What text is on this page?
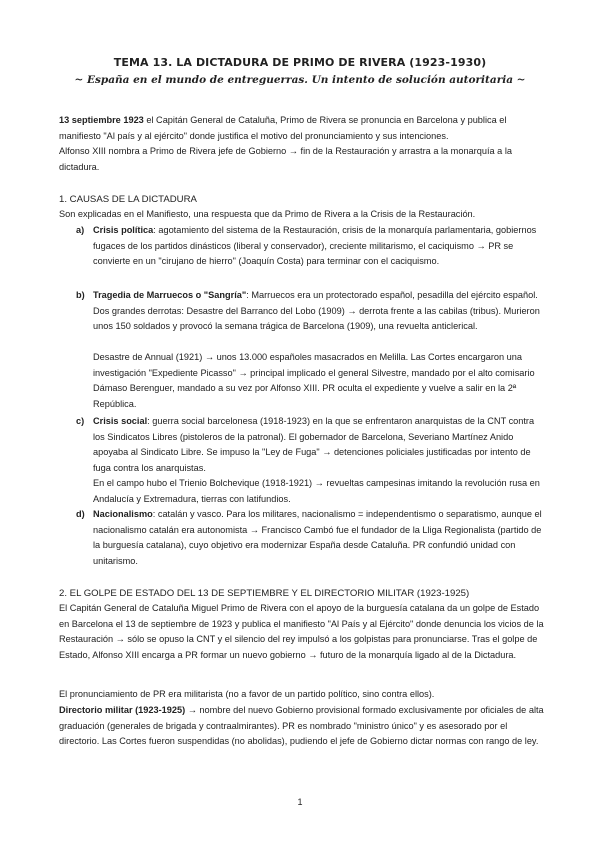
TEMA 13. LA DICTADURA DE PRIMO DE RIVERA (1923-1930)
~ España en el mundo de entreguerras. Un intento de solución autoritaria ~

13 septiembre 1923 el Capitán General de Cataluña, Primo de Rivera se pronuncia en Barcelona y publica el manifiesto "Al país y al ejército" donde justifica el motivo del pronunciamiento y sus intenciones.

Alfonso XIII nombra a Primo de Rivera jefe de Gobierno → fin de la Restauración y arrastra a la monarquía a la dictadura.

1. CAUSAS DE LA DICTADURA

Son explicadas en el Manifiesto, una respuesta que da Primo de Rivera a la Crisis de la Restauración.

a) Crisis política: agotamiento del sistema de la Restauración, crisis de la monarquía parlamentaria, gobiernos fugaces de los partidos dinásticos (liberal y conservador), creciente militarismo, el caciquismo → PR se convierte en un "cirujano de hierro" (Joaquín Costa) para terminar con el caciquismo.

b) Tragedia de Marruecos o "Sangría": Marruecos era un protectorado español, pesadilla del ejército español. Dos grandes derrotas: Desastre del Barranco del Lobo (1909) → derrota frente a las cabilas (tribus). Murieron unos 150 soldados y provocó la semana trágica de Barcelona (1909), una revuelta anticlerical.

Desastre de Annual (1921) → unos 13.000 españoles masacrados en Melilla. Las Cortes encargaron una investigación "Expediente Picasso" → principal implicado el general Silvestre, mandado por el alto comisario Dámaso Berenguer, mandado a su vez por Alfonso XIII. PR oculta el expediente y vuelve a salir en la 2ª República.

c) Crisis social: guerra social barcelonesa (1918-1923) en la que se enfrentaron anarquistas de la CNT contra los Sindicatos Libres (pistoleros de la patronal). El gobernador de Barcelona, Severiano Martínez Anido apoyaba al Sindicato Libre. Se impuso la "Ley de Fuga" → detenciones policiales justificadas por intento de fuga contra los anarquistas.

En el campo hubo el Trienio Bolchevique (1918-1921) → revueltas campesinas imitando la revolución rusa en Andalucía y Extremadura, tierras con latifundios.

d) Nacionalismo: catalán y vasco. Para los militares, nacionalismo = independentismo o separatismo, aunque el nacionalismo catalán era autonomista → Francisco Cambó fue el fundador de la Lliga Regionalista (partido de la burguesía catalana), cuyo objetivo era modernizar España desde Cataluña. PR confundió unidad con unitarismo.

2. EL GOLPE DE ESTADO DEL 13 DE SEPTIEMBRE Y EL DIRECTORIO MILITAR (1923-1925)

El Capitán General de Cataluña Miguel Primo de Rivera con el apoyo de la burguesía catalana da un golpe de Estado en Barcelona el 13 de septiembre de 1923 y publica el manifiesto "Al País y al Ejército" donde denuncia los vicios de la Restauración → sólo se opuso la CNT y el silencio del rey impulsó a los golpistas para pronunciarse. Tras el golpe de Estado, Alfonso XIII encarga a PR formar un nuevo gobierno → futuro de la monarquía ligado al de la Dictadura.

El pronunciamiento de PR era militarista (no a favor de un partido político, sino contra ellos).

Directorio militar (1923-1925) → nombre del nuevo Gobierno provisional formado exclusivamente por oficiales de alta graduación (generales de brigada y contraalmirantes). PR es nombrado "ministro único" y es asesorado por el directorio. Las Cortes fueron suspendidas (no abolidas), pudiendo el jefe de Gobierno dictar normas con rango de ley.

1
